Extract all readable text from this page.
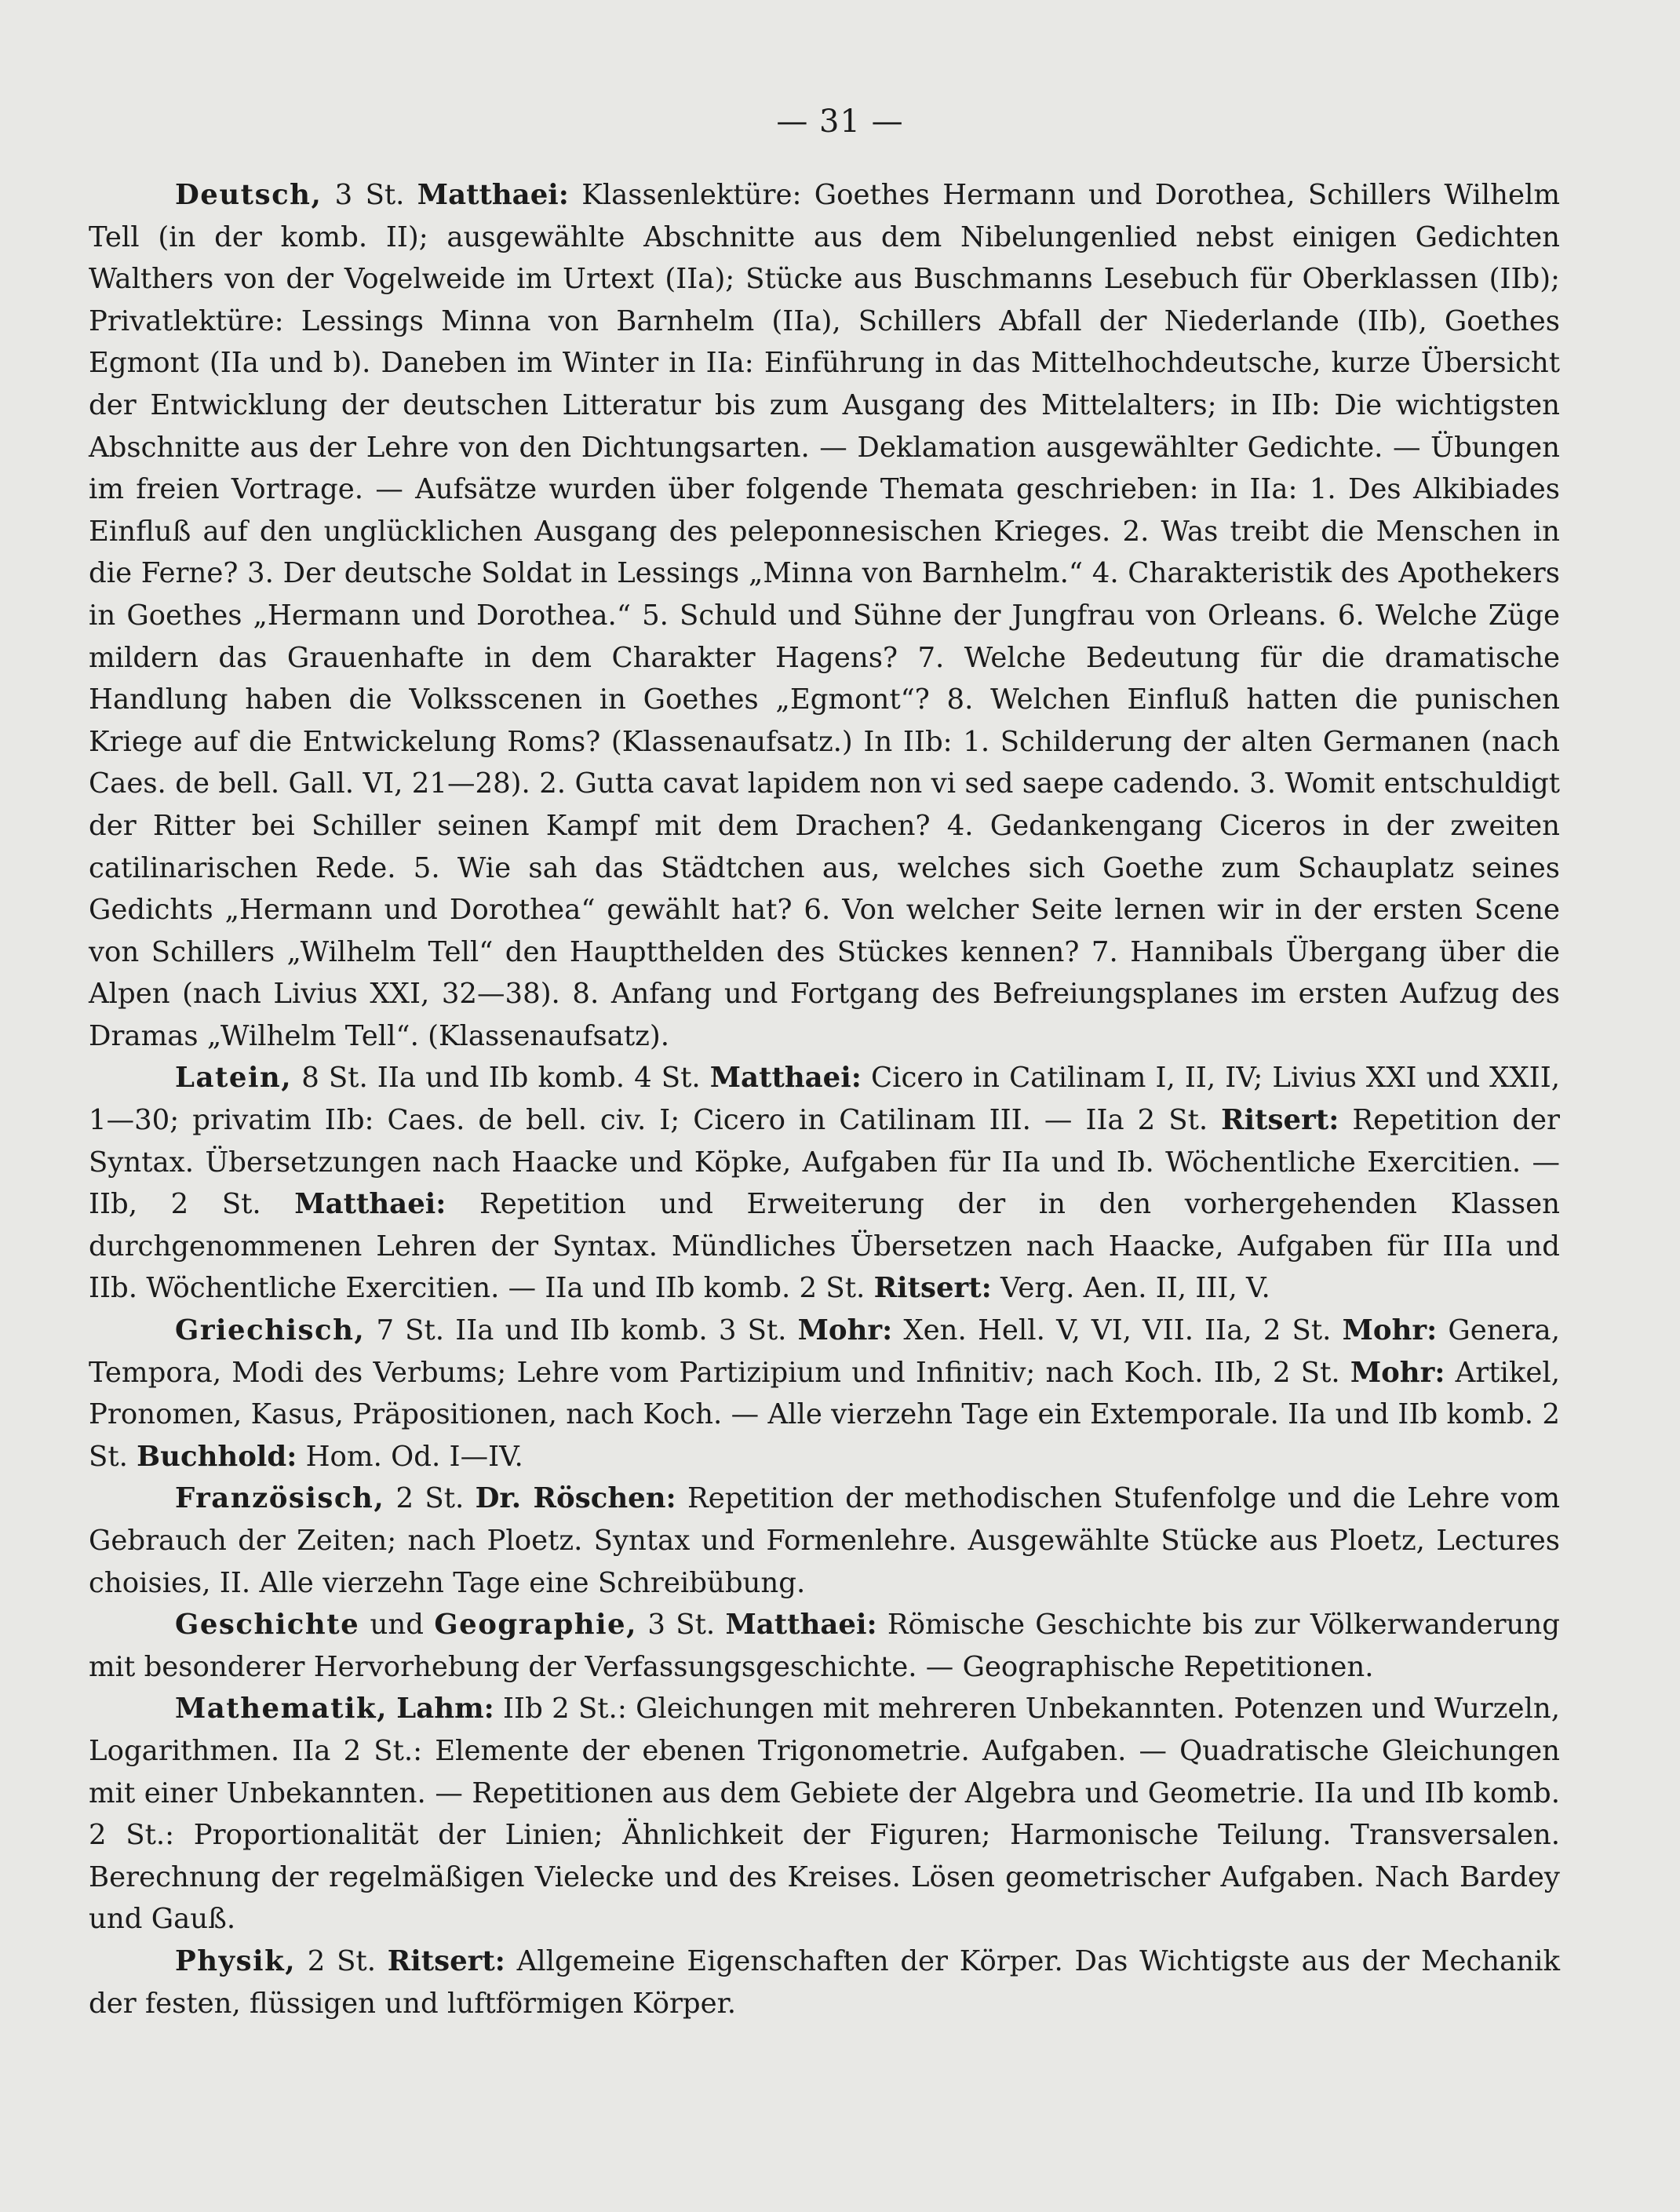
— 31 —

Deutsch, 3 St. Matthaei: Klassenlektüre: Goethes Hermann und Dorothea, Schillers Wilhelm Tell (in der komb. II); ausgewählte Abschnitte aus dem Nibelungenlied nebst einigen Gedichten Walthers von der Vogelweide im Urtext (IIa); Stücke aus Buschmanns Lesebuch für Oberklassen (IIb); Privatlektüre: Lessings Minna von Barnhelm (IIa), Schillers Abfall der Niederlande (IIb), Goethes Egmont (IIa und b). Daneben im Winter in IIa: Einführung in das Mittelhochdeutsche, kurze Übersicht der Entwicklung der deutschen Litteratur bis zum Ausgang des Mittelalters; in IIb: Die wichtigsten Abschnitte aus der Lehre von den Dichtungsarten. — Deklamation ausgewählter Gedichte. — Übungen im freien Vortrage. — Aufsätze wurden über folgende Themata geschrieben: in IIa: 1. Des Alkibiades Einfluß auf den unglücklichen Ausgang des peleponnesischen Krieges. 2. Was treibt die Menschen in die Ferne? 3. Der deutsche Soldat in Lessings „Minna von Barnhelm.“ 4. Charakteristik des Apothekers in Goethes „Hermann und Dorothea.“ 5. Schuld und Sühne der Jungfrau von Orleans. 6. Welche Züge mildern das Grauenhafte in dem Charakter Hagens? 7. Welche Bedeutung für die dramatische Handlung haben die Volksscenen in Goethes „Egmont“? 8. Welchen Einfluß hatten die punischen Kriege auf die Entwickelung Roms? (Klassenaufsatz.) In IIb: 1. Schilderung der alten Germanen (nach Caes. de bell. Gall. VI, 21—28). 2. Gutta cavat lapidem non vi sed saepe cadendo. 3. Womit entschuldigt der Ritter bei Schiller seinen Kampf mit dem Drachen? 4. Gedankengang Ciceros in der zweiten catilinarischen Rede. 5. Wie sah das Städtchen aus, welches sich Goethe zum Schauplatz seines Gedichts „Hermann und Dorothea“ gewählt hat? 6. Von welcher Seite lernen wir in der ersten Scene von Schillers „Wilhelm Tell“ den Hauptthelden des Stückes kennen? 7. Hannibals Übergang über die Alpen (nach Livius XXI, 32—38). 8. Anfang und Fortgang des Befreiungsplanes im ersten Aufzug des Dramas „Wilhelm Tell“. (Klassenaufsatz).

Latein, 8 St. IIa und IIb komb. 4 St. Matthaei: Cicero in Catilinam I, II, IV; Livius XXI und XXII, 1—30; privatim IIb: Caes. de bell. civ. I; Cicero in Catilinam III. — IIa 2 St. Ritsert: Repetition der Syntax. Übersetzungen nach Haacke und Köpke, Aufgaben für IIa und Ib. Wöchentliche Exercitien. — IIb, 2 St. Matthaei: Repetition und Erweiterung der in den vorhergehenden Klassen durchgenommenen Lehren der Syntax. Mündliches Übersetzen nach Haacke, Aufgaben für IIIa und IIb. Wöchentliche Exercitien. — IIa und IIb komb. 2 St. Ritsert: Verg. Aen. II, III, V.

Griechisch, 7 St. IIa und IIb komb. 3 St. Mohr: Xen. Hell. V, VI, VII. IIa, 2 St. Mohr: Genera, Tempora, Modi des Verbums; Lehre vom Partizipium und Infinitiv; nach Koch. IIb, 2 St. Mohr: Artikel, Pronomen, Kasus, Präpositionen, nach Koch. — Alle vierzehn Tage ein Extemporale. IIa und IIb komb. 2 St. Buchhold: Hom. Od. I—IV.

Französisch, 2 St. Dr. Röschen: Repetition der methodischen Stufenfolge und die Lehre vom Gebrauch der Zeiten; nach Ploetz. Syntax und Formenlehre. Ausgewählte Stücke aus Ploetz, Lectures choisies, II. Alle vierzehn Tage eine Schreibübung.

Geschichte und Geographie, 3 St. Matthaei: Römische Geschichte bis zur Völkerwanderung mit besonderer Hervorhebung der Verfassungsgeschichte. — Geographische Repetitionen.

Mathematik, Lahm: IIb 2 St.: Gleichungen mit mehreren Unbekannten. Potenzen und Wurzeln, Logarithmen. IIa 2 St.: Elemente der ebenen Trigonometrie. Aufgaben. — Quadratische Gleichungen mit einer Unbekannten. — Repetitionen aus dem Gebiete der Algebra und Geometrie. IIa und IIb komb. 2 St.: Proportionalität der Linien; Ähnlichkeit der Figuren; Harmonische Teilung. Transversalen. Berechnung der regelmäßigen Vielecke und des Kreises. Lösen geometrischer Aufgaben. Nach Bardey und Gauß.

Physik, 2 St. Ritsert: Allgemeine Eigenschaften der Körper. Das Wichtigste aus der Mechanik der festen, flüssigen und luftförmigen Körper.
